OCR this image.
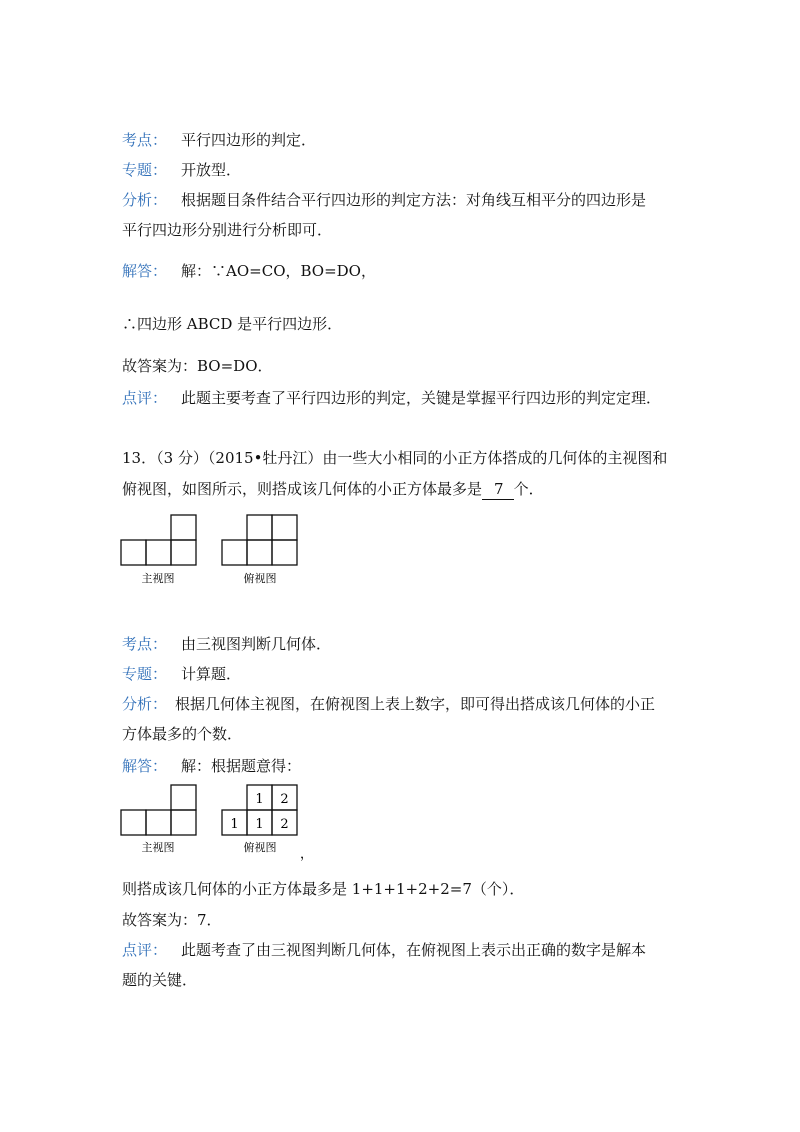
考点： 平行四边形的判定．
专题： 开放型．
分析： 根据题目条件结合平行四边形的判定方法：对角线互相平分的四边形是
平行四边形分别进行分析即可．
解答： 解：∵AO=CO，BO=DO，
∴四边形 ABCD 是平行四边形．
故答案为：BO=DO．
点评： 此题主要考查了平行四边形的判定，关键是掌握平行四边形的判定定理．
13．（3 分）（2015•牡丹江）由一些大小相同的小正方体搭成的几何体的主视图和
俯视图，如图所示，则搭成该几何体的小正方体最多是 7 个．
主视图	俯视图
考点： 由三视图判断几何体．
专题： 计算题．
分析： 根据几何体主视图，在俯视图上表上数字，即可得出搭成该几何体的小正
方体最多的个数．
解答： 解：根据题意得：
1 2
1 1 2
主视图	俯视图 ，
则搭成该几何体的小正方体最多是 1+1+1+2+2=7（个）．
故答案为：7．
点评： 此题考查了由三视图判断几何体，在俯视图上表示出正确的数字是解本
题的关键．
